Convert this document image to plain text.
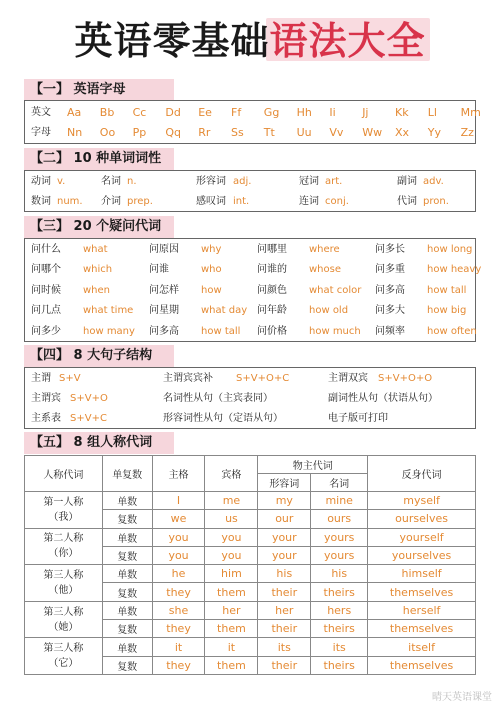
英语零基础语法大全
【一】 英语字母
英文 Aa Bb Cc Dd Ee Ff Gg Hh Ii Jj Kk Ll Mm
字母 Nn Oo Pp Qq Rr Ss Tt Uu Vv Ww Xx Yy Zz
【二】 10 种单词词性
动词 v.	名词 n.	形容词 adj.	冠词 art.	副词 adv.
数词 num. 介词 prep.	感叹词 int.	连词 conj.	代词 pron.
【三】 20 个疑问代词
问什么 what	问原因 why	问哪里 where	问多长 how long
问哪个 which	问谁	who	问谁的 whose	问多重 how heavy
问时候 when	问怎样 how	问颜色 what color 问多高 how tall
问几点 what time 问星期 what day 问年龄 how old	问多大 how big
问多少 how many 问多高 how tall 问价格 how much 问频率 how often
【四】 8 大句子结构
主谓 S+V	主谓宾宾补 S+V+O+C	主谓双宾 S+V+O+O
主谓宾 S+V+O	名词性从句（主宾表同）	副词性从句（状语从句）
主系表 S+V+C	形容词性从句（定语从句）	电子版可打印
【五】 8 组人称代词
人称代词	单复数	主格	宾格	物主代词		反身代词
				形容词	名词	

第一人称
（我）	单数	I	me	my	mine	myself
	复数	we	us	our	ours	ourselves

第二人称
（你）	单数	you	you	your	yours	yourself
	复数	you	you	your	yours	yourselves

第三人称
（他）	单数	he	him	his	his	himself
	复数	they	them	their	theirs	themselves

第三人称
（她）	单数	she	her	her	hers	herself
	复数	they	them	their	theirs	themselves

第三人称
（它）	单数	it	it	its	its	itself
	复数	they	them	their	theirs	themselves
晴天英语课堂
